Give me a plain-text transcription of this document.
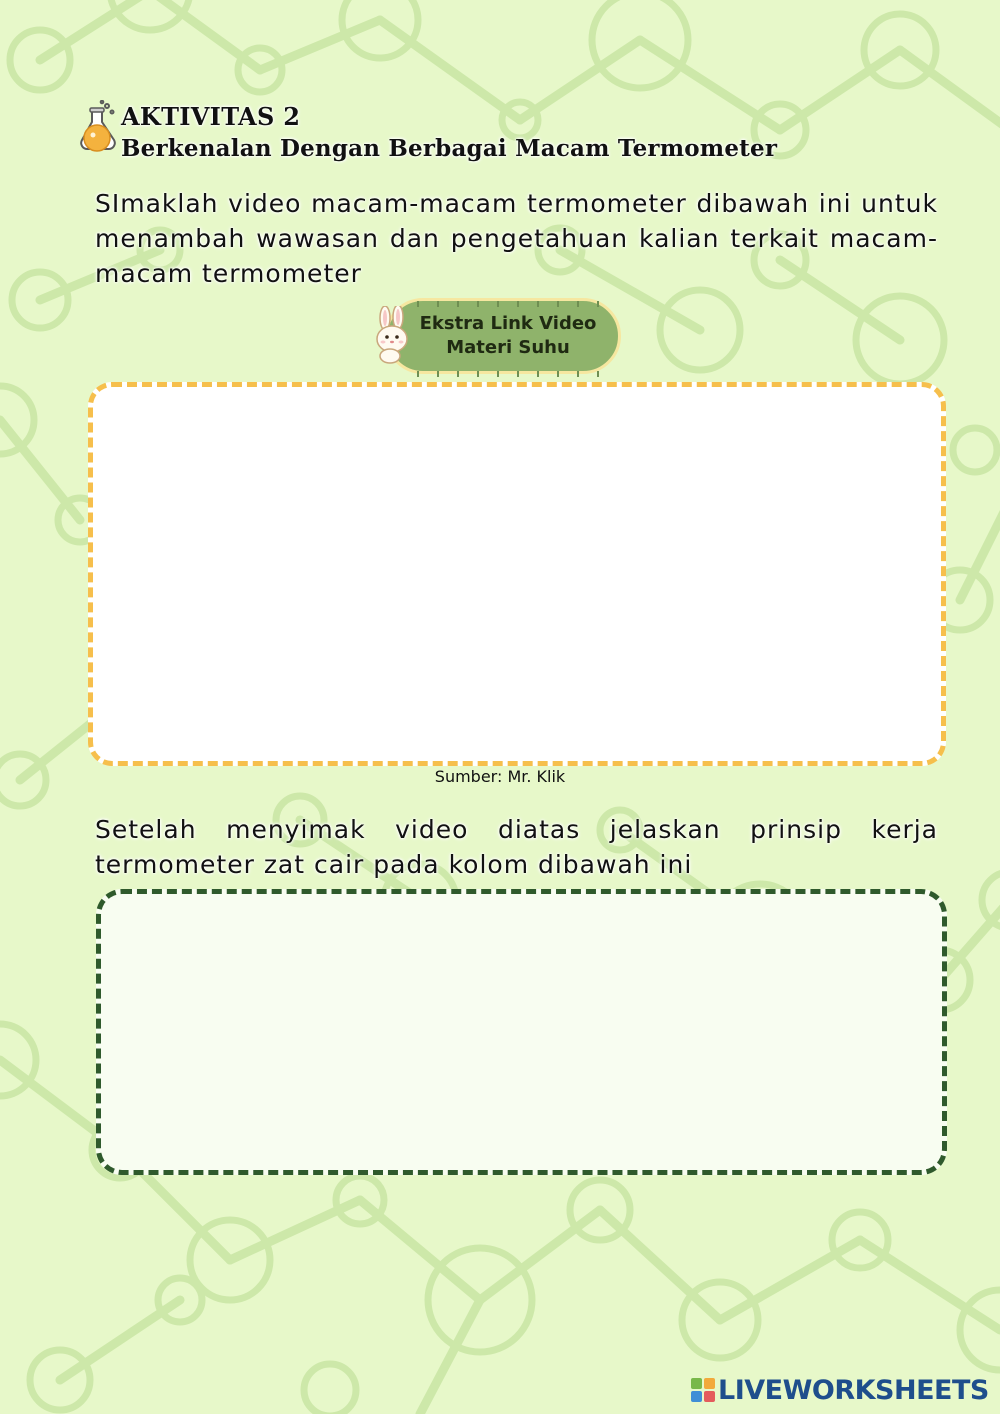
AKTIVITAS 2
Berkenalan Dengan Berbagai Macam Termometer
SImaklah video macam-macam termometer dibawah ini untuk menambah wawasan dan pengetahuan kalian terkait macam-macam termometer
Ekstra Link Video
Materi Suhu
Sumber: Mr. Klik
Setelah menyimak video diatas jelaskan prinsip kerja termometer zat cair pada kolom dibawah ini
LIVEWORKSHEETS
